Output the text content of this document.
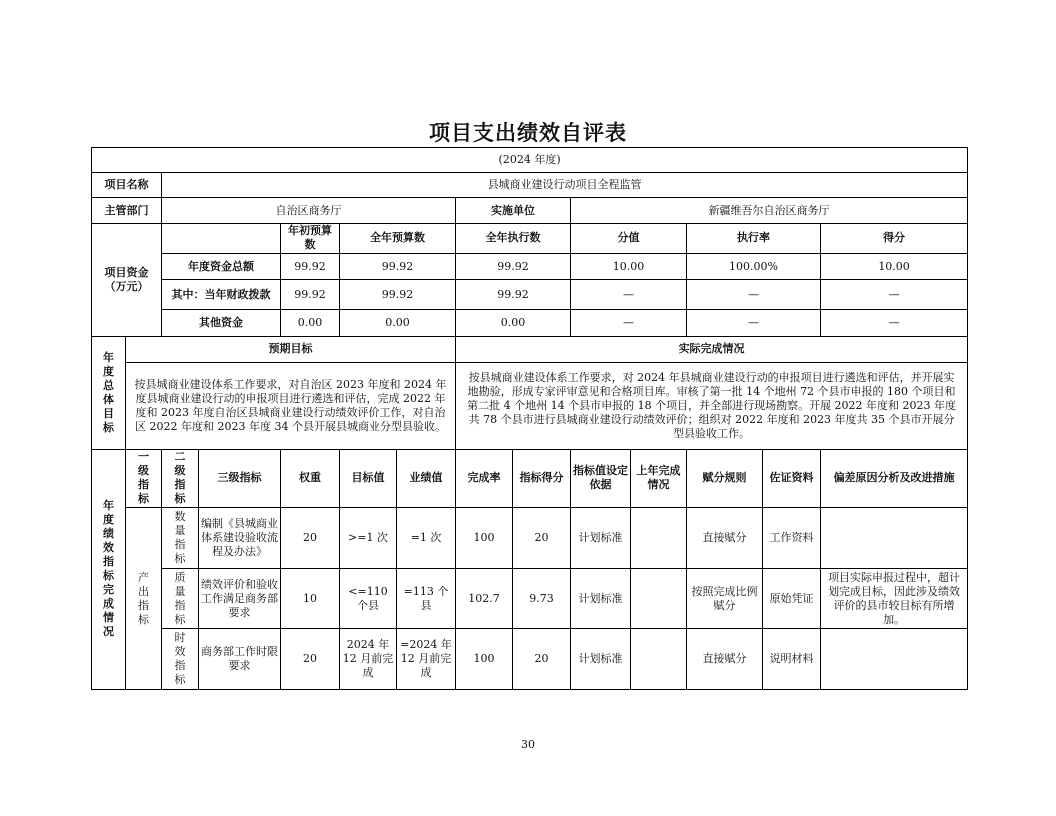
项目支出绩效自评表
(2024 年度)													
项目名称		县城商业建设行动项目全程监管											
主管部门		自治区商务厅					实施单位		新疆维吾尔自治区商务厅				
项目资金（万元）				年初预算数	全年预算数		全年执行数		分值		执行率		得分
		年度资金总额		99.92	99.92		99.92		10.00		100.00%		10.00
		其中：当年财政拨款		99.92	99.92		99.92		—		—		—
		其他资金		0.00	0.00		0.00		—		—		—
年度总体目标	预期目标						实际完成情况						
	按县城商业建设体系工作要求，对自治区 2023 年度和 2024 年度县城商业建设行动的申报项目进行遴选和评估，完成 2022 年度和 2023 年度自治区县城商业建设行动绩效评价工作，对自治区 2022 年度和 2023 年度 34 个县开展县城商业分型县验收。						按县城商业建设体系工作要求，对 2024 年县城商业建设行动的申报项目进行遴选和评估，并开展实地勘验，形成专家评审意见和合格项目库。审核了第一批 14 个地州 72 个县市申报的 180 个项目和第二批 4 个地州 14 个县市申报的 18 个项目，并全部进行现场勘察。开展 2022 年度和 2023 年度共 78 个县市进行县城商业建设行动绩效评价；组织对 2022 年度和 2023 年度共 35 个县市开展分型县验收工作。						
年度绩效指标完成情况	一级指标	二级指标	三级指标	权重	目标值	业绩值	完成率	指标得分	指标值设定依据	上年完成情况	赋分规则	佐证资料	偏差原因分析及改进措施
	产出指标	数量指标	编制《县城商业体系建设验收流程及办法》	20	>=1 次	=1 次	100	20	计划标准		直接赋分	工作资料	
		质量指标	绩效评价和验收工作满足商务部要求	10	<=110 个县	=113 个县	102.7	9.73	计划标准		按照完成比例赋分	原始凭证	项目实际申报过程中，超计划完成目标，因此涉及绩效评价的县市较目标有所增加。
		时效指标	商务部工作时限要求	20	2024 年 12 月前完成	=2024 年 12 月前完成	100	20	计划标准		直接赋分	说明材料	
30
